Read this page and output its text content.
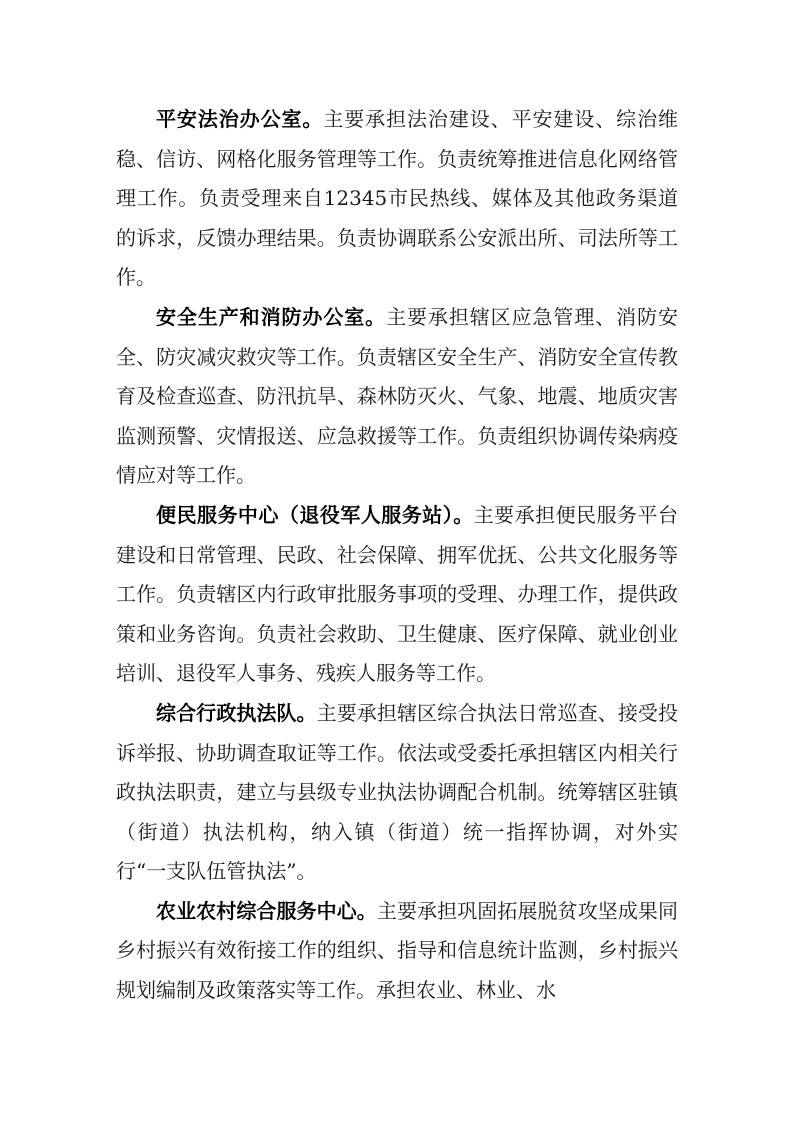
平安法治办公室。主要承担法治建设、平安建设、综治维稳、信访、网格化服务管理等工作。负责统筹推进信息化网络管理工作。负责受理来自12345市民热线、媒体及其他政务渠道的诉求，反馈办理结果。负责协调联系公安派出所、司法所等工作。

安全生产和消防办公室。主要承担辖区应急管理、消防安全、防灾减灾救灾等工作。负责辖区安全生产、消防安全宣传教育及检查巡查、防汛抗旱、森林防灭火、气象、地震、地质灾害监测预警、灾情报送、应急救援等工作。负责组织协调传染病疫情应对等工作。

便民服务中心（退役军人服务站）。主要承担便民服务平台建设和日常管理、民政、社会保障、拥军优抚、公共文化服务等工作。负责辖区内行政审批服务事项的受理、办理工作，提供政策和业务咨询。负责社会救助、卫生健康、医疗保障、就业创业培训、退役军人事务、残疾人服务等工作。

综合行政执法队。主要承担辖区综合执法日常巡查、接受投诉举报、协助调查取证等工作。依法或受委托承担辖区内相关行政执法职责，建立与县级专业执法协调配合机制。统筹辖区驻镇（街道）执法机构，纳入镇（街道）统一指挥协调，对外实行“一支队伍管执法”。

农业农村综合服务中心。主要承担巩固拓展脱贫攻坚成果同乡村振兴有效衔接工作的组织、指导和信息统计监测，乡村振兴规划编制及政策落实等工作。承担农业、林业、水
